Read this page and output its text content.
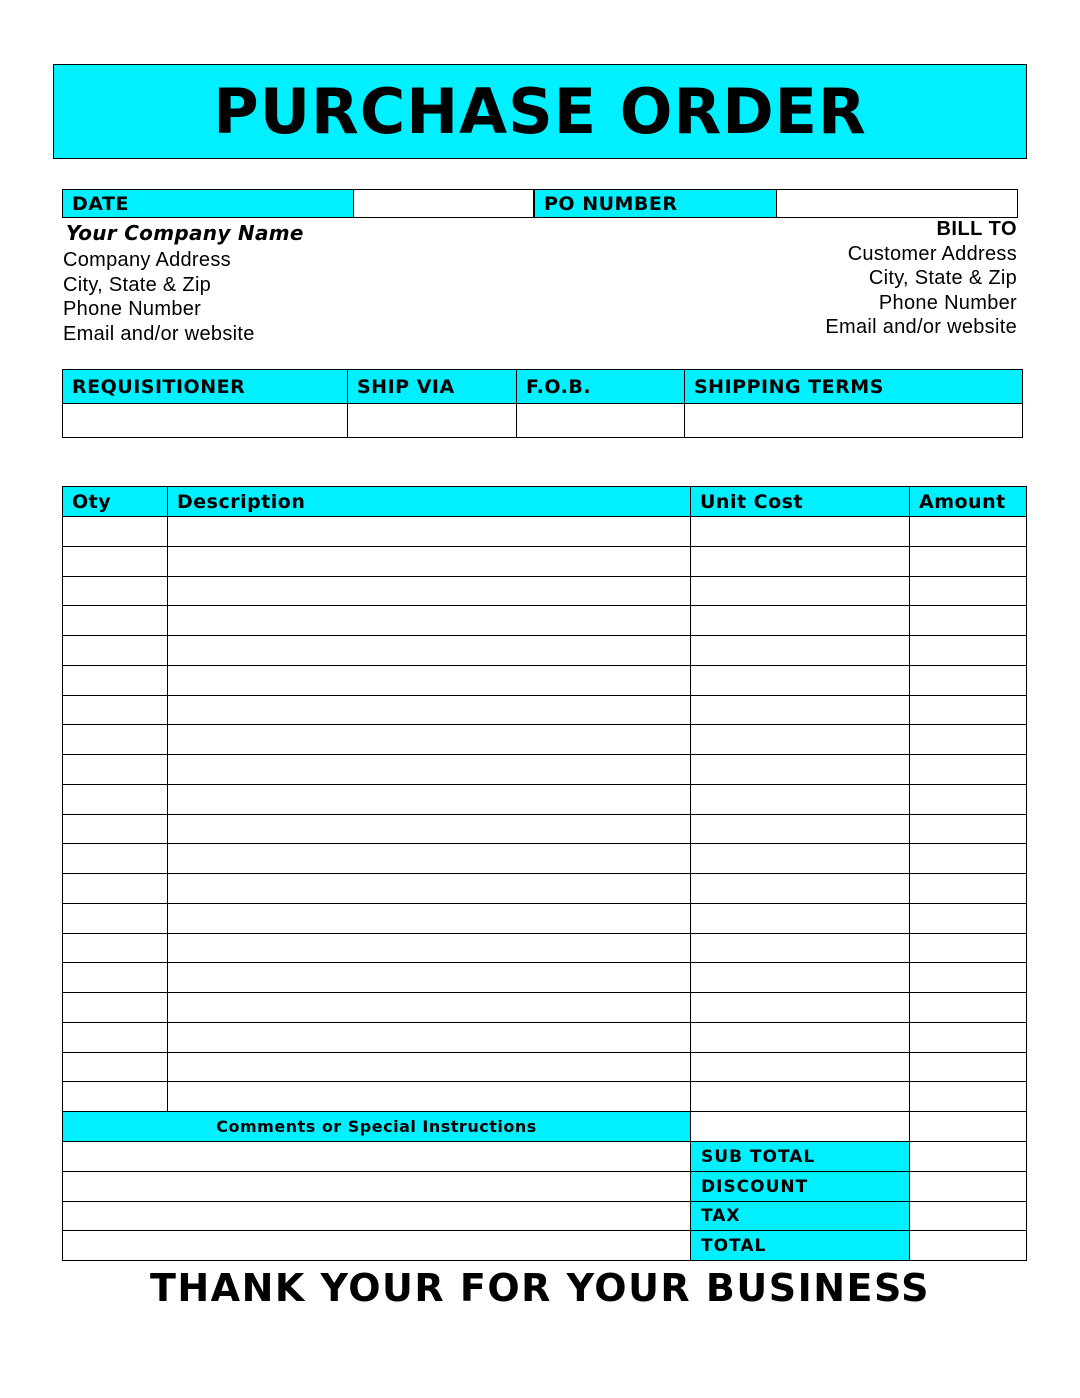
PURCHASE ORDER
DATE	PO NUMBER
Your Company Name
Company Address
City, State & Zip
Phone Number
Email and/or website
BILL TO
Customer Address
City, State & Zip
Phone Number
Email and/or website
REQUISITIONER	SHIP VIA	F.O.B.	SHIPPING TERMS

Oty	Description	Unit Cost	Amount

Comments or Special Instructions		

	SUB TOTAL	
	DISCOUNT	
	TAX	
	TOTAL	
THANK YOUR FOR YOUR BUSINESS
